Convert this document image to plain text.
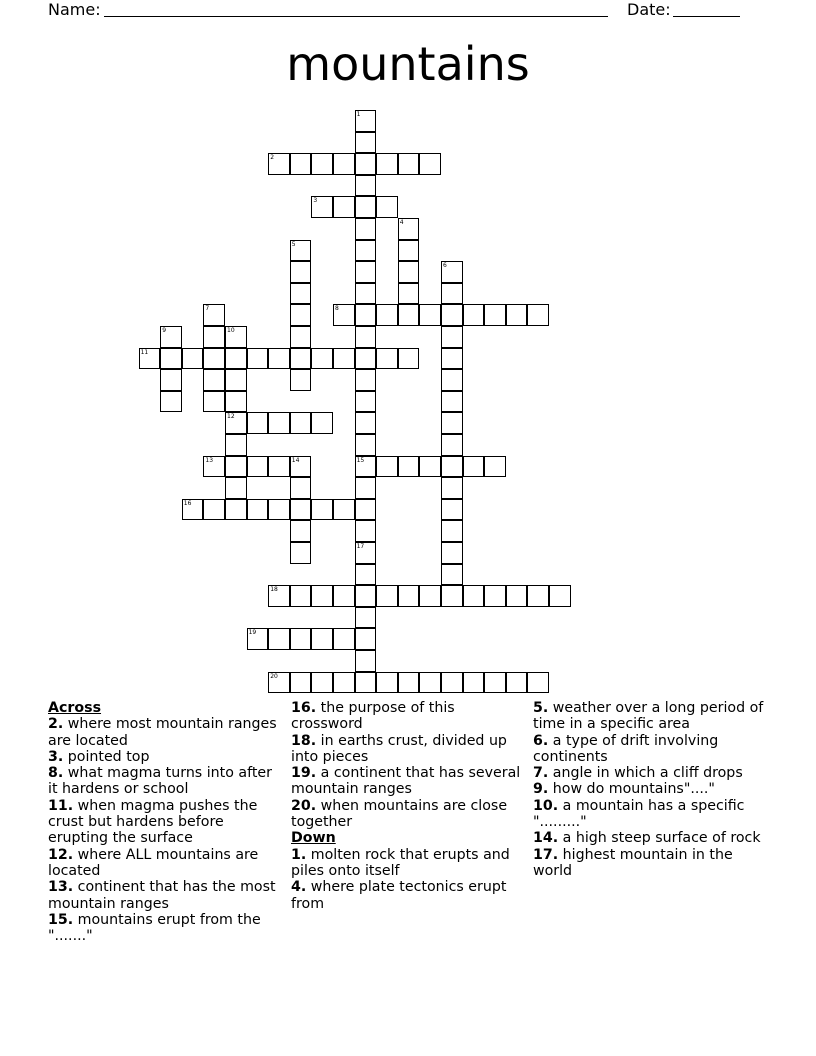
Name:	Date:
mountains
2
3
8
11
12
13	15
16
18
19
20
1
17
4
5
6
7
9	10
14

Across

2. where most mountain ranges are located

3. pointed top

8. what magma turns into after it hardens or school

11. when magma pushes the crust but hardens before erupting the surface

12. where ALL mountains are located

13. continent that has the most mountain ranges

15. mountains erupt from the "......."

16. the purpose of this crossword

18. in earths crust, divided up into pieces

19. a continent that has several mountain ranges

20. when mountains are close together

Down

1. molten rock that erupts and piles onto itself

4. where plate tectonics erupt from

5. weather over a long period of time in a specific area

6. a type of drift involving continents

7. angle in which a cliff drops

9. how do mountains"...."

10. a mountain has a specific "........."

14. a high steep surface of rock

17. highest mountain in the world
